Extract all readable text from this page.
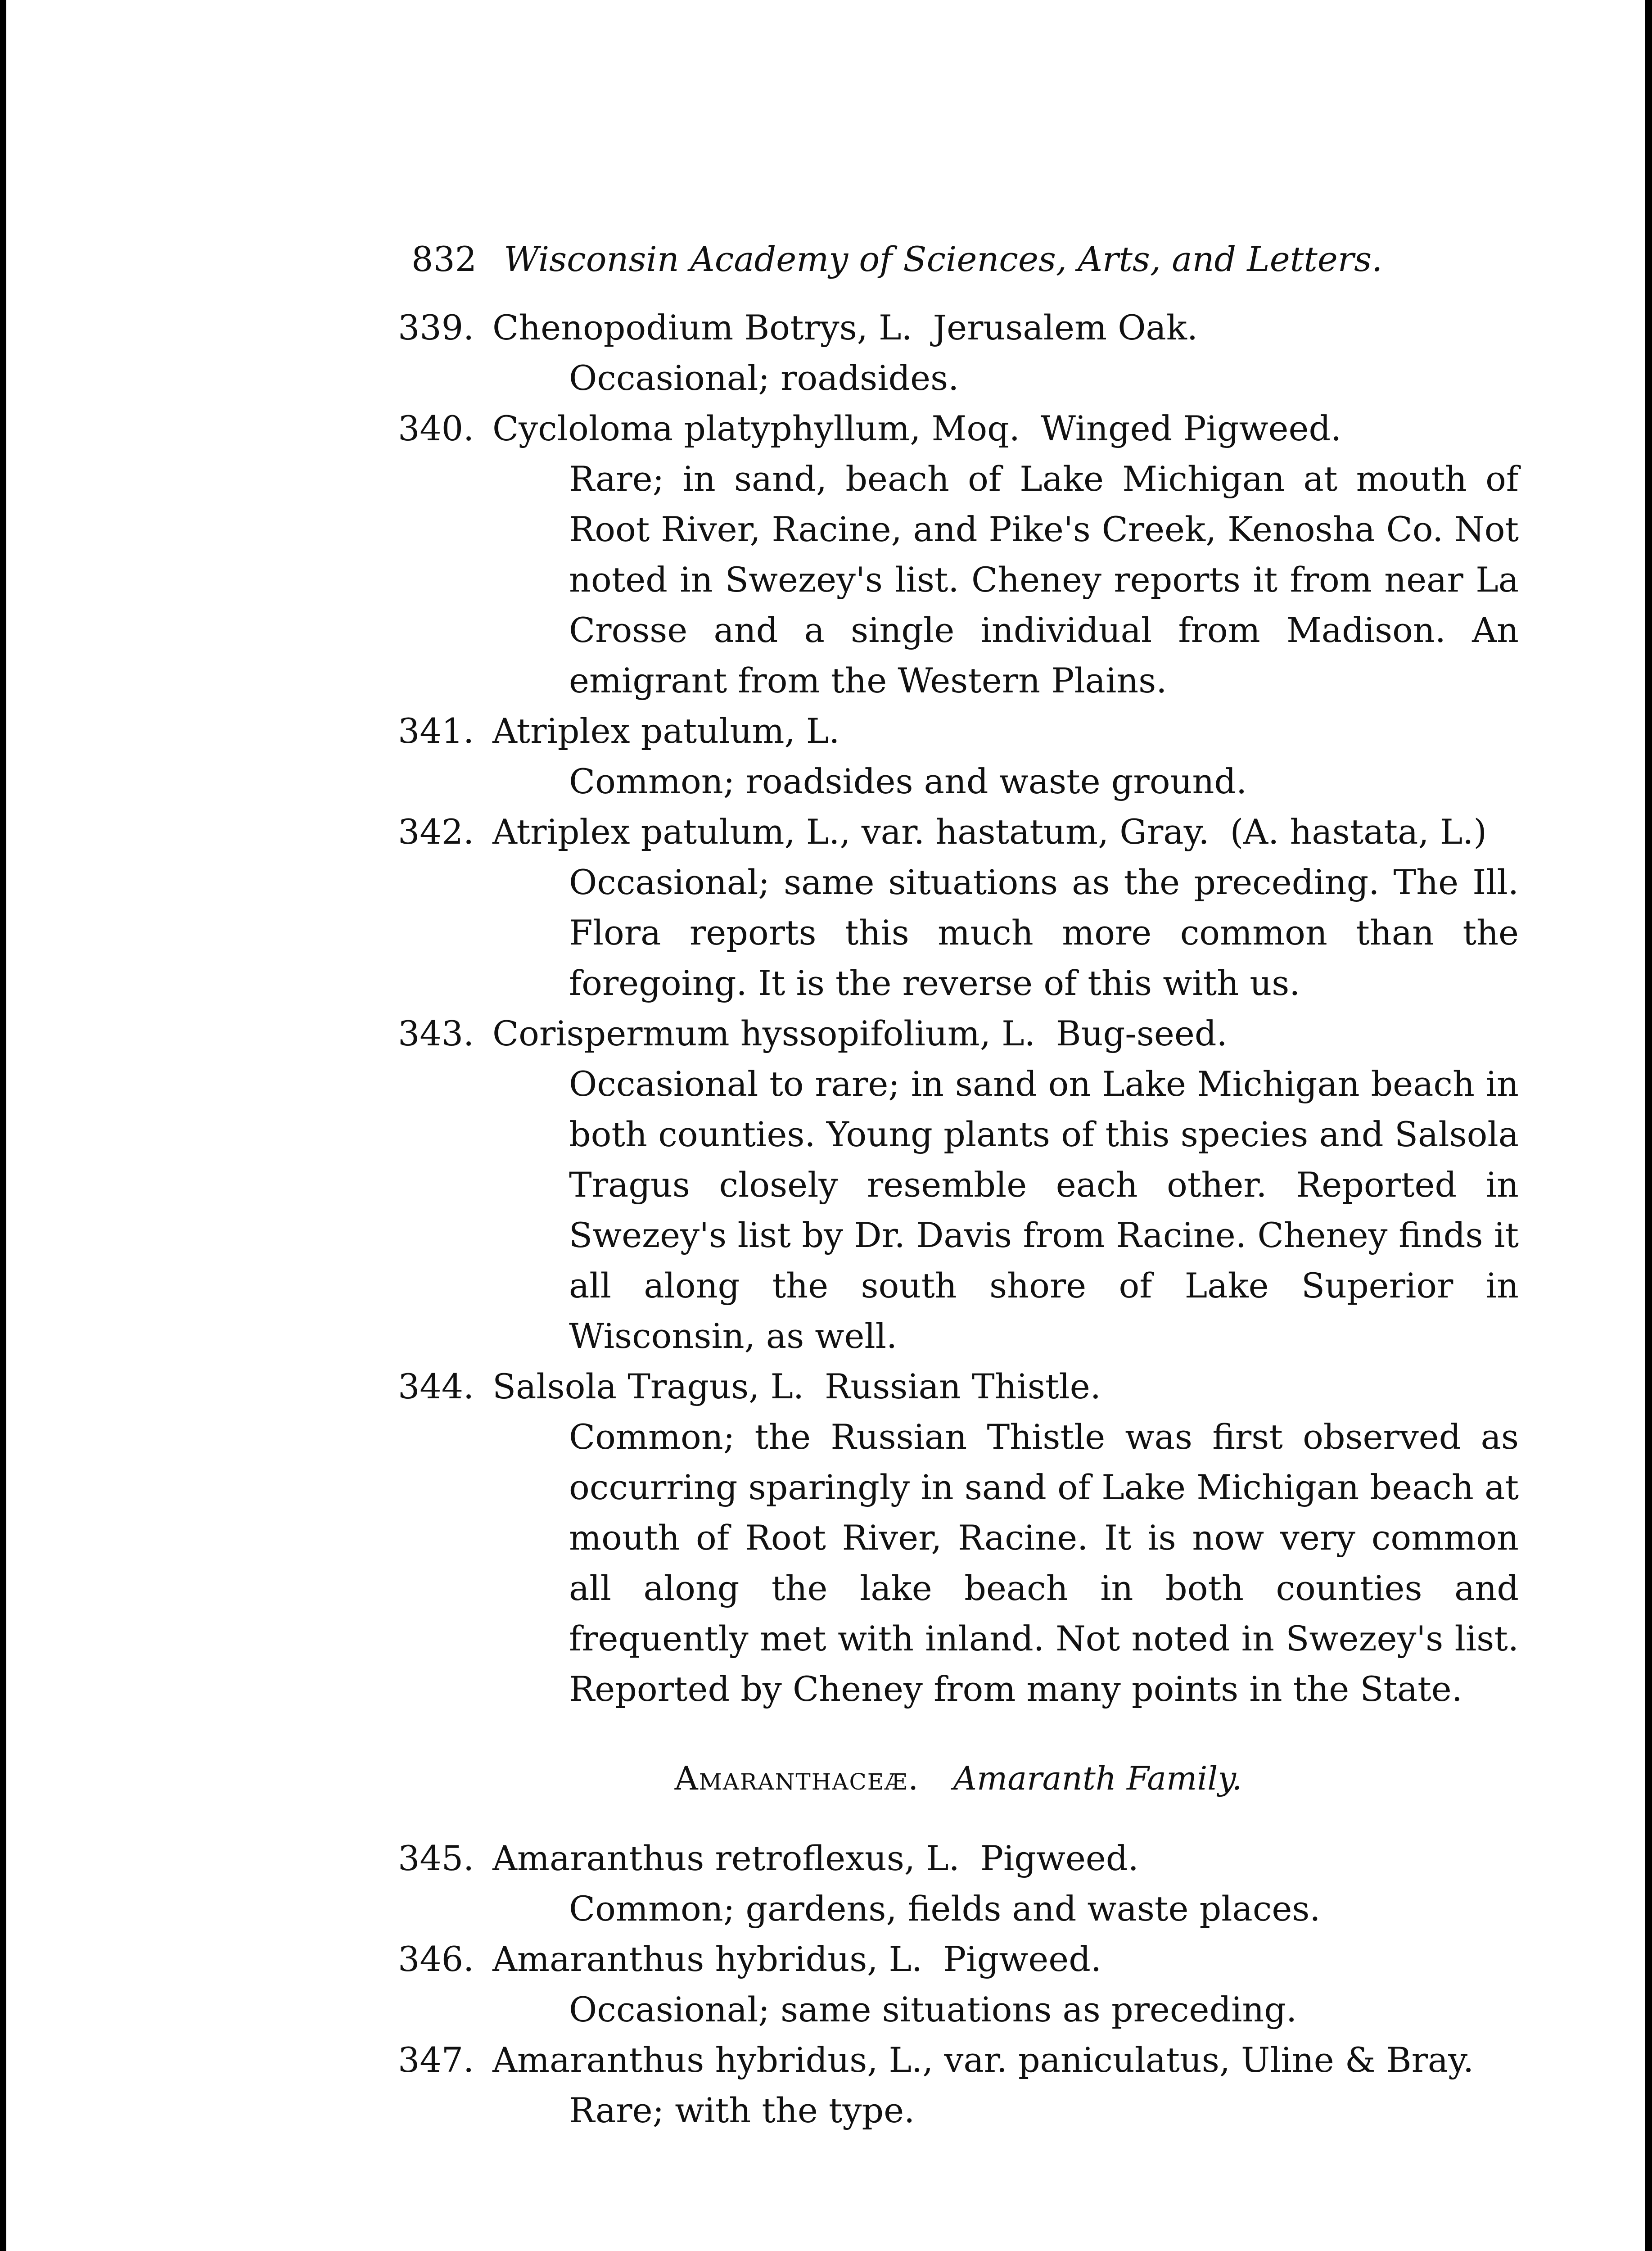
832 Wisconsin Academy of Sciences, Arts, and Letters.
339. Chenopodium Botrys, L. Jerusalem Oak.
Occasional; roadsides.
340. Cycloloma platyphyllum, Moq. Winged Pigweed.
Rare; in sand, beach of Lake Michigan at mouth of Root River, Racine, and Pike's Creek, Kenosha Co. Not noted in Swezey's list. Cheney reports it from near La Crosse and a single individual from Madison. An emigrant from the Western Plains.
341. Atriplex patulum, L.
Common; roadsides and waste ground.
342. Atriplex patulum, L., var. hastatum, Gray. (A. hastata, L.)
Occasional; same situations as the preceding. The Ill. Flora reports this much more common than the foregoing. It is the reverse of this with us.
343. Corispermum hyssopifolium, L. Bug-seed.
Occasional to rare; in sand on Lake Michigan beach in both counties. Young plants of this species and Salsola Tragus closely resemble each other. Reported in Swezey's list by Dr. Davis from Racine. Cheney finds it all along the south shore of Lake Superior in Wisconsin, as well.
344. Salsola Tragus, L. Russian Thistle.
Common; the Russian Thistle was first observed as occurring sparingly in sand of Lake Michigan beach at mouth of Root River, Racine. It is now very common all along the lake beach in both counties and frequently met with inland. Not noted in Swezey's list. Reported by Cheney from many points in the State.
Amaranthaceæ. Amaranth Family.
345. Amaranthus retroflexus, L. Pigweed.
Common; gardens, fields and waste places.
346. Amaranthus hybridus, L. Pigweed.
Occasional; same situations as preceding.
347. Amaranthus hybridus, L., var. paniculatus, Uline & Bray.
Rare; with the type.
